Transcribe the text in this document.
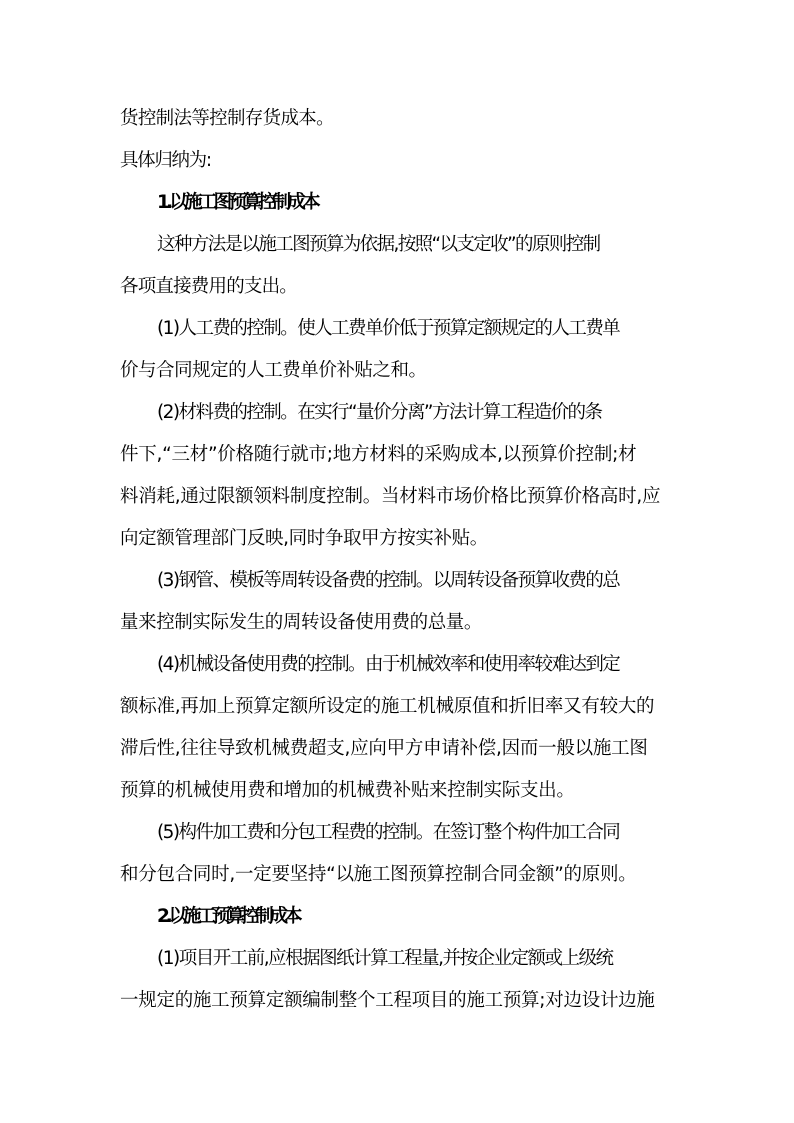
货控制法等控制存货成本。
具体归纳为:
1.以施工图预算控制成本
这种方法是以施工图预算为依据,按照“以支定收”的原则控制
各项直接费用的支出。
(1)人工费的控制。使人工费单价低于预算定额规定的人工费单
价与合同规定的人工费单价补贴之和。
(2)材料费的控制。在实行“量价分离”方法计算工程造价的条
件下,“三材”价格随行就市;地方材料的采购成本,以预算价控制;材
料消耗,通过限额领料制度控制。当材料市场价格比预算价格高时,应
向定额管理部门反映,同时争取甲方按实补贴。
(3)钢管、模板等周转设备费的控制。以周转设备预算收费的总
量来控制实际发生的周转设备使用费的总量。
(4)机械设备使用费的控制。由于机械效率和使用率较难达到定
额标准,再加上预算定额所设定的施工机械原值和折旧率又有较大的
滞后性,往往导致机械费超支,应向甲方申请补偿,因而一般以施工图
预算的机械使用费和增加的机械费补贴来控制实际支出。
(5)构件加工费和分包工程费的控制。在签订整个构件加工合同
和分包合同时,一定要坚持“以施工图预算控制合同金额”的原则。
2.以施工预算控制成本
(1)项目开工前,应根据图纸计算工程量,并按企业定额或上级统
一规定的施工预算定额编制整个工程项目的施工预算;对边设计边施
